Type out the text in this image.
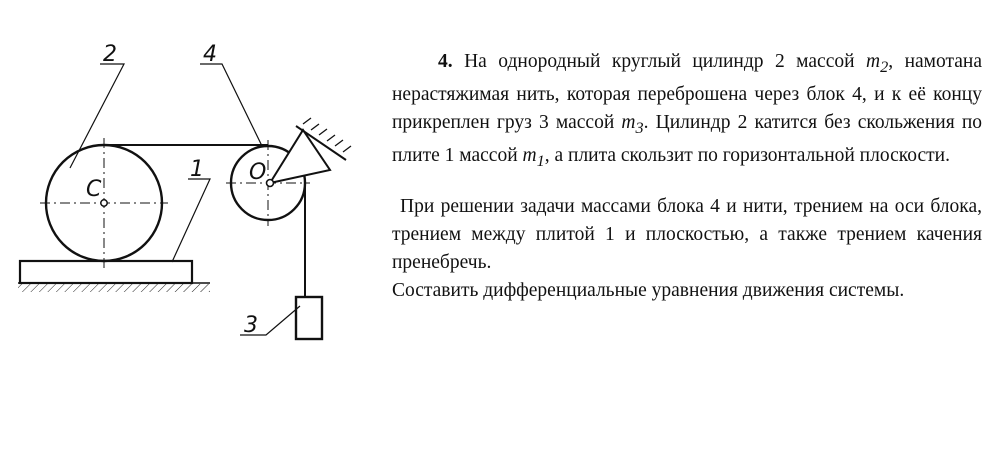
2	4
1
3
C
O

4. На однородный круглый цилиндр 2 массой $m_2$, намотана нерастяжимая нить, которая переброшена через блок 4, и к её концу прикреплен груз 3 массой $m_3$. Цилиндр 2 катится без скольжения по плите 1 массой $m_1$, а плита скользит по горизонтальной плоскости.

При решении задачи массами блока 4 и нити, трением на оси блока, трением между плитой 1 и плоскостью, а также трением качения пренебречь.
Составить дифференциальные уравнения движения системы.
